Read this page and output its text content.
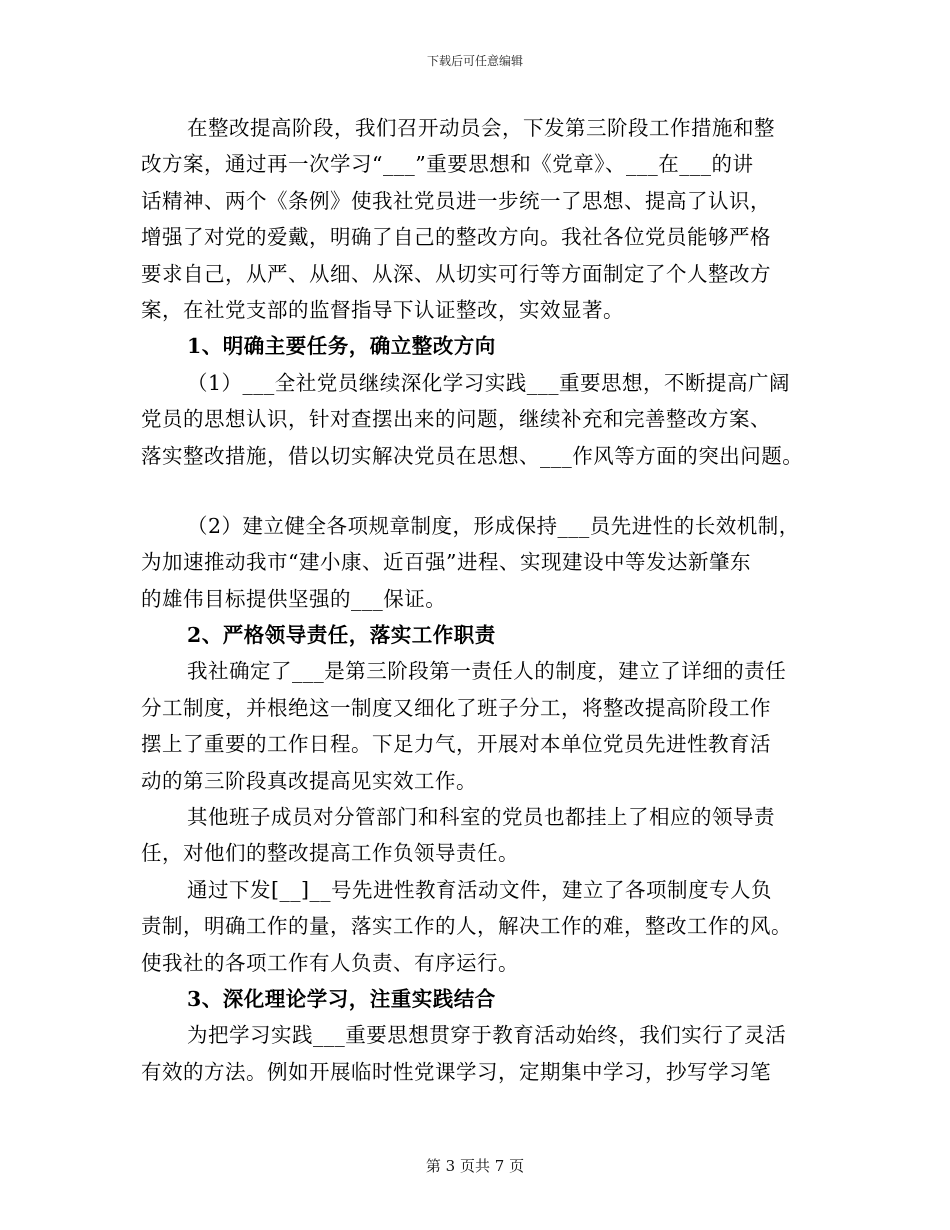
下载后可任意编辑
在整改提高阶段，我们召开动员会，下发第三阶段工作措施和整
改方案，通过再一次学习“___”重要思想和《党章》、___在___的讲
话精神、两个《条例》使我社党员进一步统一了思想、提高了认识，
增强了对党的爱戴，明确了自己的整改方向。我社各位党员能够严格
要求自己，从严、从细、从深、从切实可行等方面制定了个人整改方
案，在社党支部的监督指导下认证整改，实效显著。
1、明确主要任务，确立整改方向
（1）___全社党员继续深化学习实践___重要思想，不断提高广阔
党员的思想认识，针对查摆出来的问题，继续补充和完善整改方案、
落实整改措施，借以切实解决党员在思想、___作风等方面的突出问题。
（2）建立健全各项规章制度，形成保持___员先进性的长效机制，
为加速推动我市“建小康、近百强”进程、实现建设中等发达新肇东
的雄伟目标提供坚强的___保证。
2、严格领导责任，落实工作职责
我社确定了___是第三阶段第一责任人的制度，建立了详细的责任
分工制度，并根绝这一制度又细化了班子分工，将整改提高阶段工作
摆上了重要的工作日程。下足力气，开展对本单位党员先进性教育活
动的第三阶段真改提高见实效工作。
其他班子成员对分管部门和科室的党员也都挂上了相应的领导责
任，对他们的整改提高工作负领导责任。
通过下发[__]__号先进性教育活动文件，建立了各项制度专人负
责制，明确工作的量，落实工作的人，解决工作的难，整改工作的风。
使我社的各项工作有人负责、有序运行。
3、深化理论学习，注重实践结合
为把学习实践___重要思想贯穿于教育活动始终，我们实行了灵活
有效的方法。例如开展临时性党课学习，定期集中学习，抄写学习笔
第 3 页共 7 页
